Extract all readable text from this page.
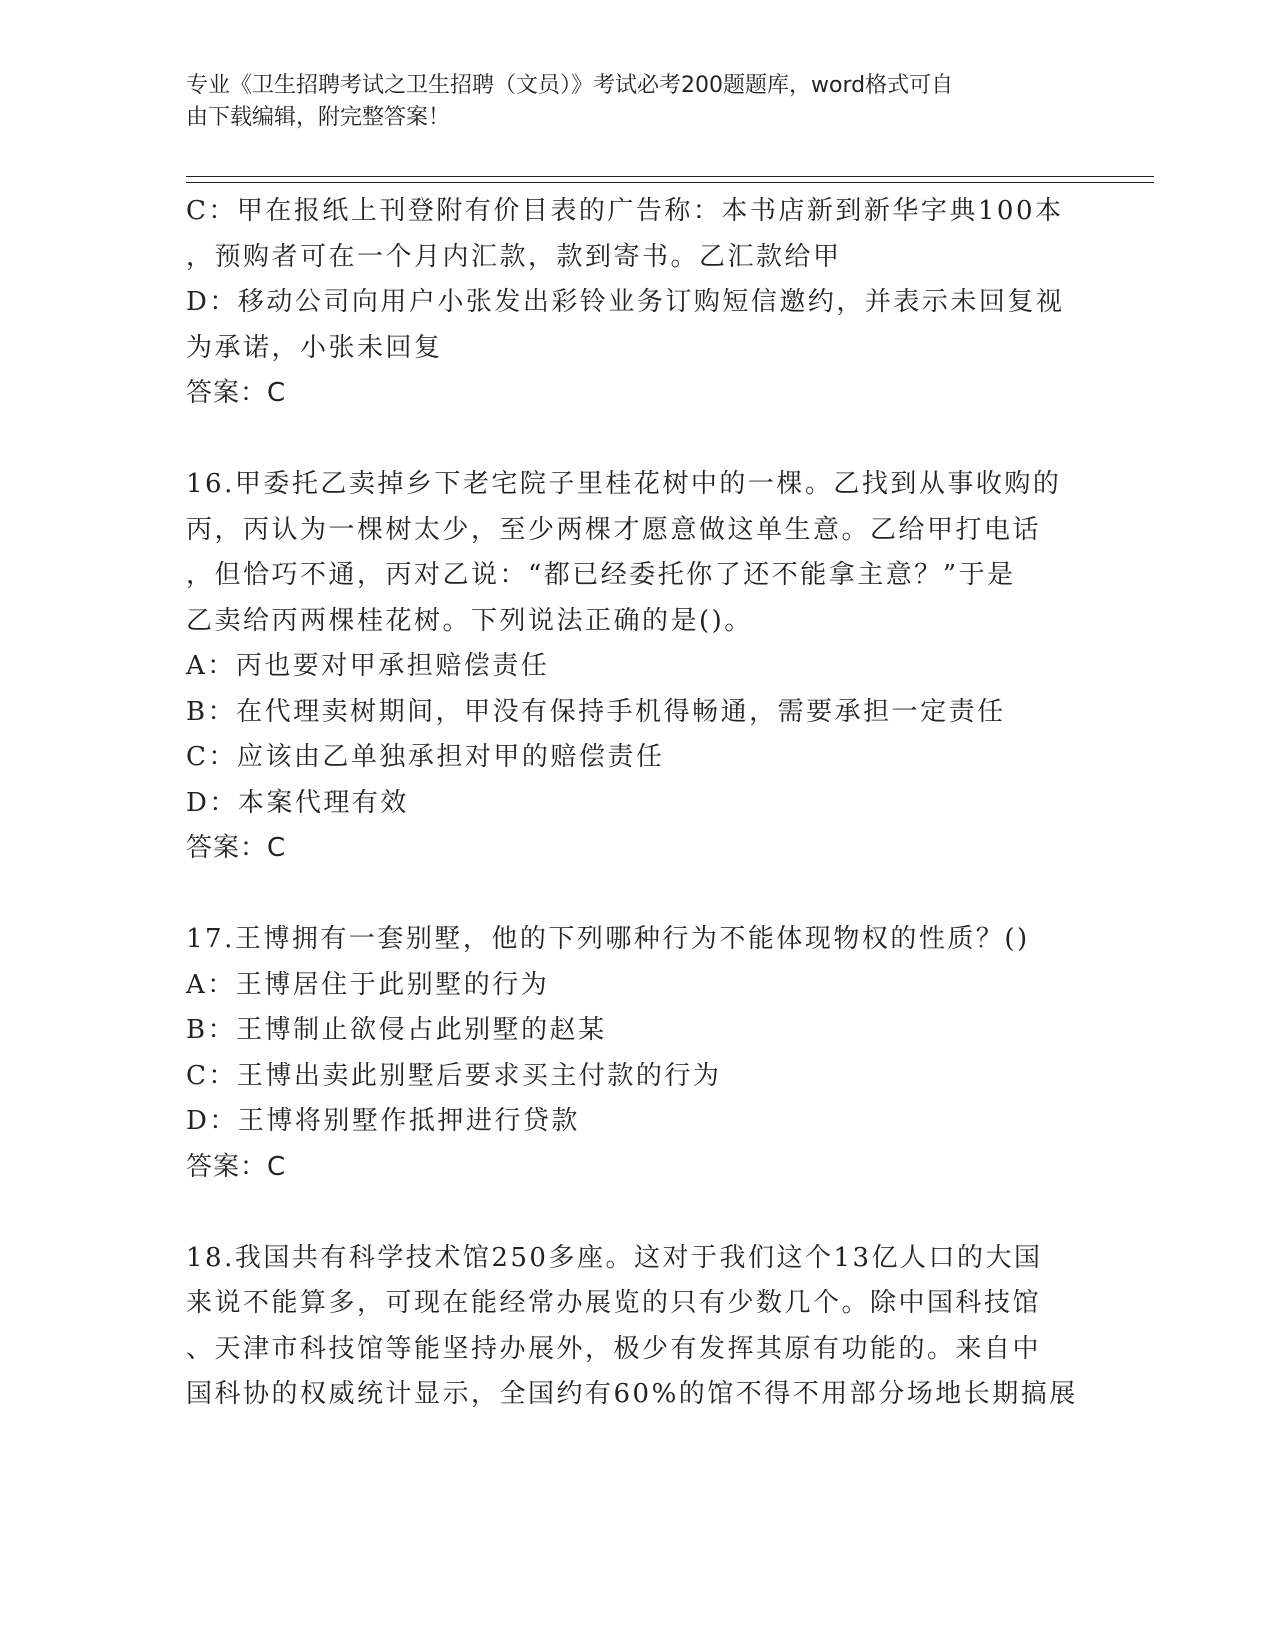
专业《卫生招聘考试之卫生招聘（文员）》考试必考200题题库，word格式可自
由下载编辑，附完整答案！
C：甲在报纸上刊登附有价目表的广告称：本书店新到新华字典100本
，预购者可在一个月内汇款，款到寄书。乙汇款给甲
D：移动公司向用户小张发出彩铃业务订购短信邀约，并表示未回复视
为承诺，小张未回复
答案：C
16.甲委托乙卖掉乡下老宅院子里桂花树中的一棵。乙找到从事收购的
丙，丙认为一棵树太少，至少两棵才愿意做这单生意。乙给甲打电话
，但恰巧不通，丙对乙说：“都已经委托你了还不能拿主意？”于是
乙卖给丙两棵桂花树。下列说法正确的是()。
A：丙也要对甲承担赔偿责任
B：在代理卖树期间，甲没有保持手机得畅通，需要承担一定责任
C：应该由乙单独承担对甲的赔偿责任
D：本案代理有效
答案：C
17.王博拥有一套别墅，他的下列哪种行为不能体现物权的性质？()
A：王博居住于此别墅的行为
B：王博制止欲侵占此别墅的赵某
C：王博出卖此别墅后要求买主付款的行为
D：王博将别墅作抵押进行贷款
答案：C
18.我国共有科学技术馆250多座。这对于我们这个13亿人口的大国
来说不能算多，可现在能经常办展览的只有少数几个。除中国科技馆
、天津市科技馆等能坚持办展外，极少有发挥其原有功能的。来自中
国科协的权威统计显示，全国约有60%的馆不得不用部分场地长期搞展
